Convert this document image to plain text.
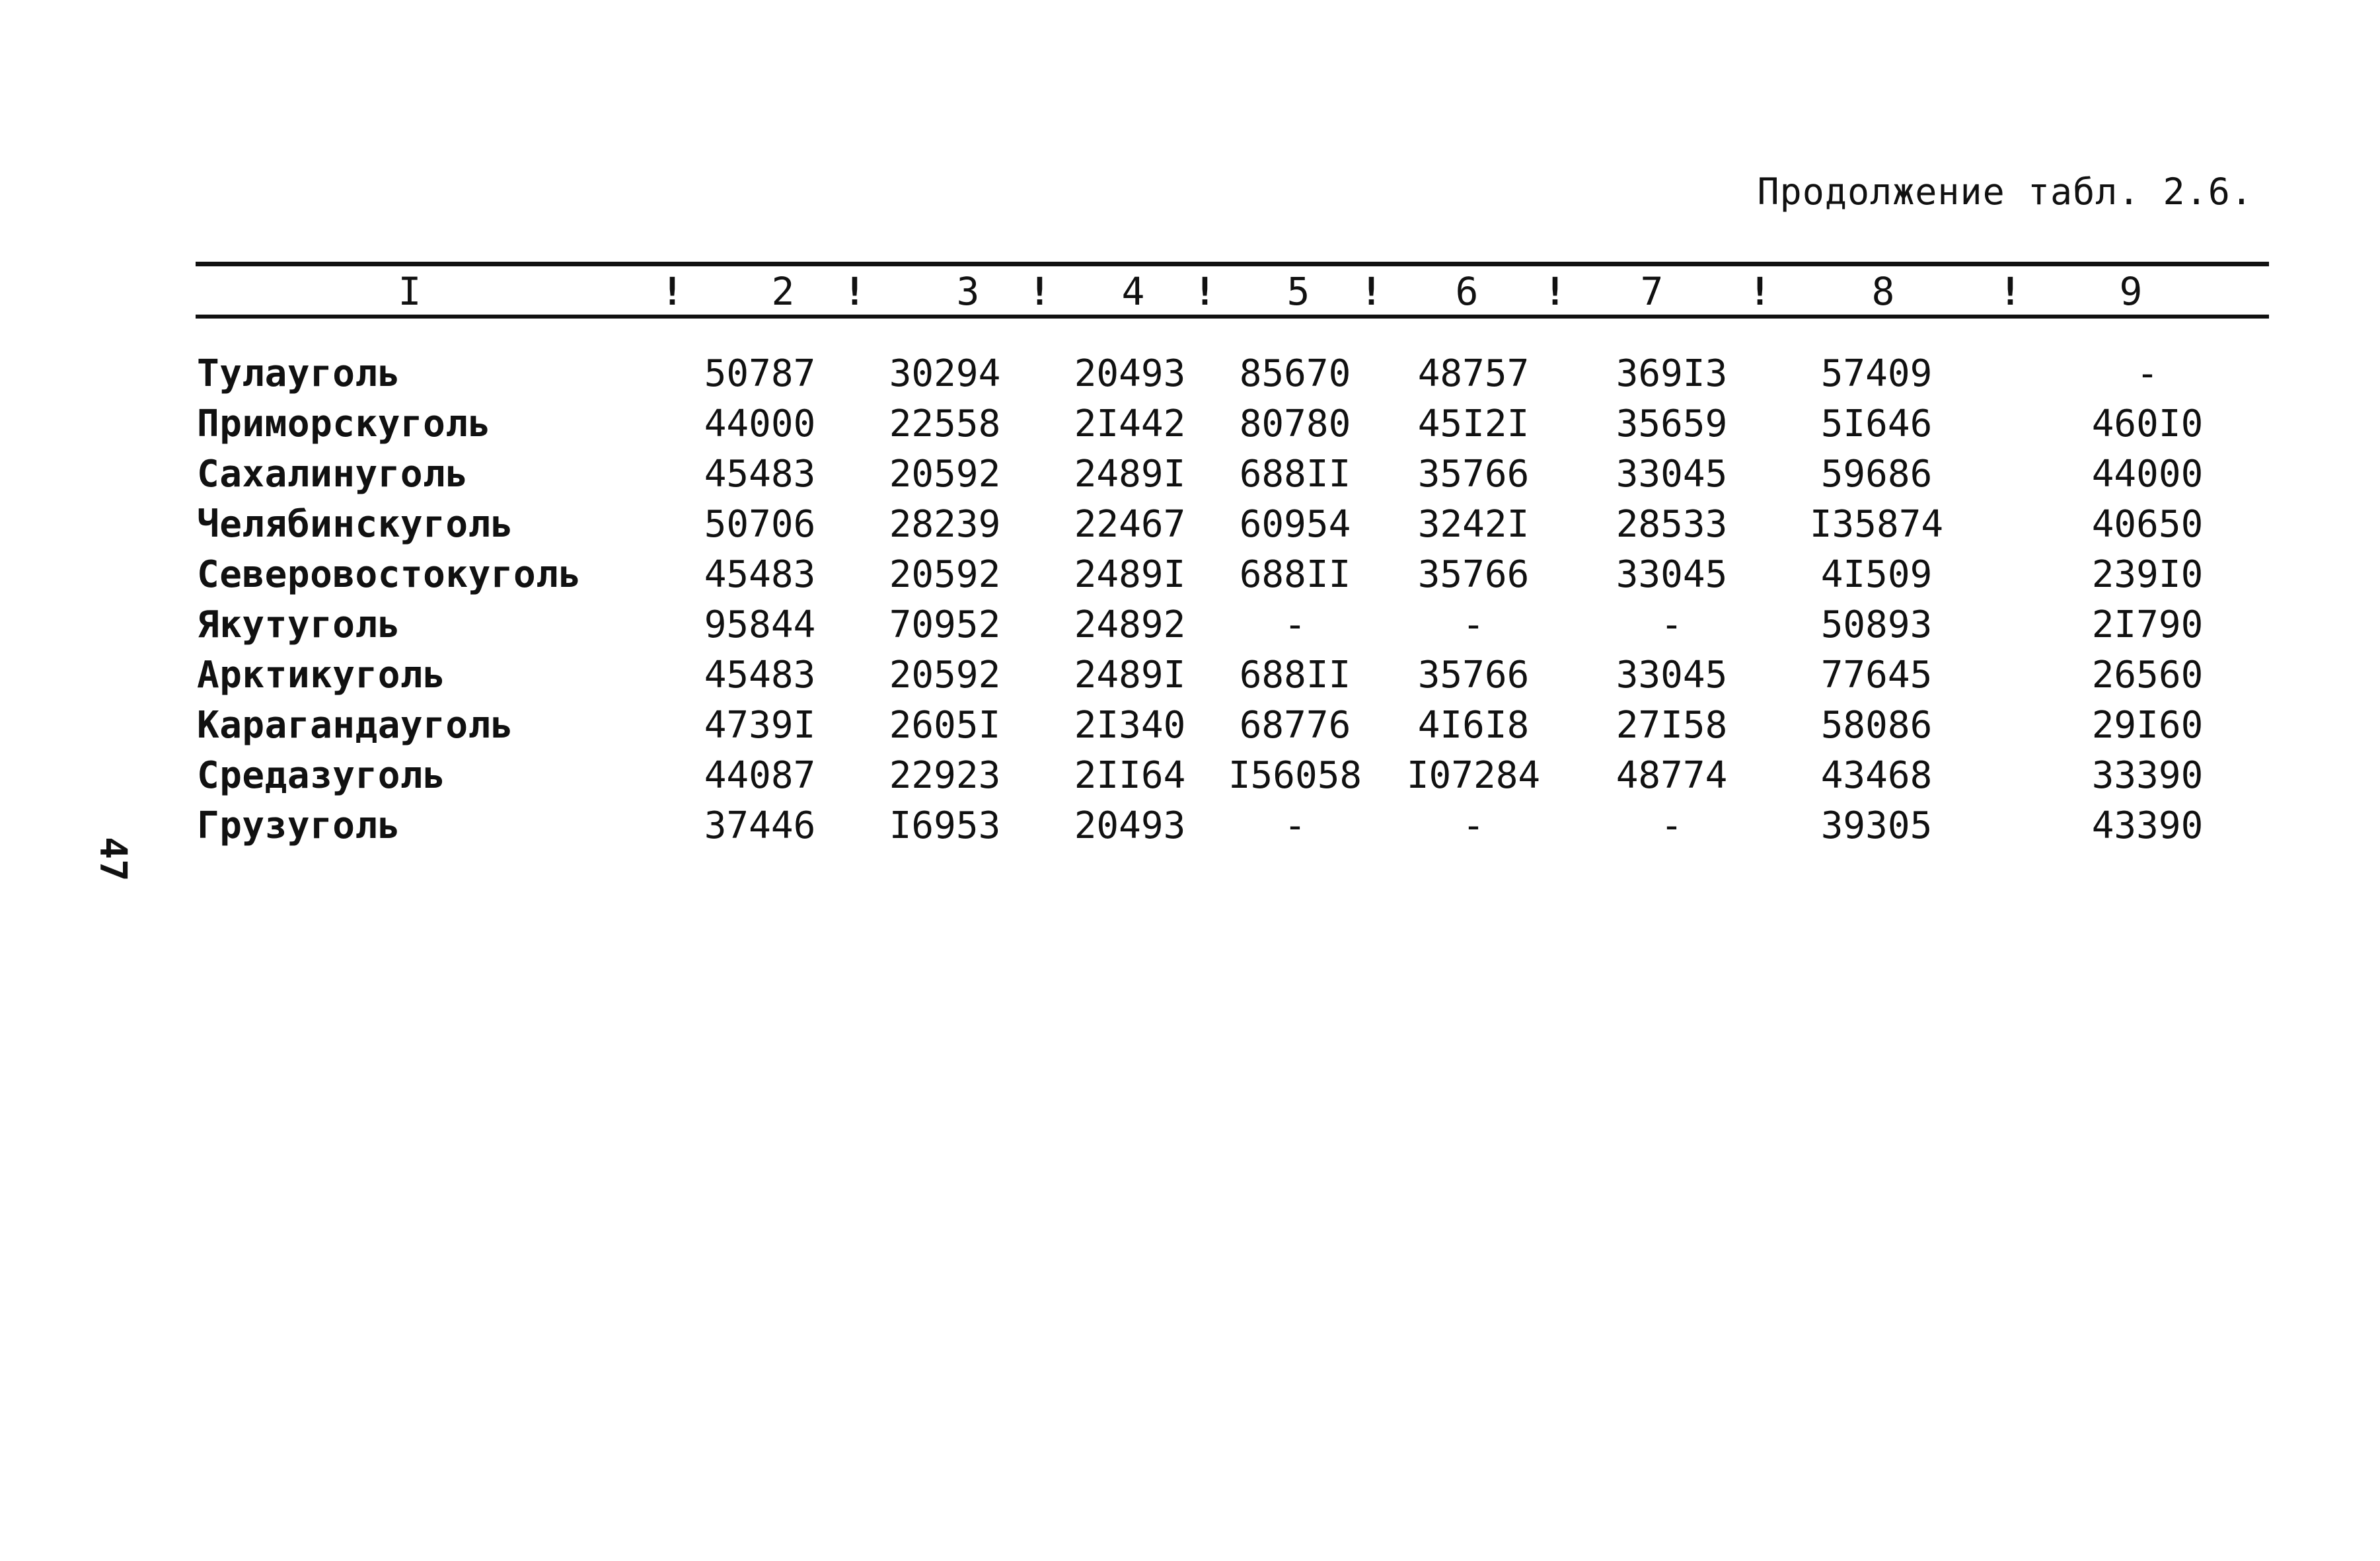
Продолжение табл. 2.6.
I	!	2	!	3	!	4	!	5	!	6	!	7	!	8	!	9
Тулауголь	50787	30294	20493	85670	48757	369I3	57409	-
Приморскуголь	44000	22558	2I442	80780	45I2I	35659	5I646	460I0
Сахалинуголь	45483	20592	2489I	688II	35766	33045	59686	44000
Челябинскуголь	50706	28239	22467	60954	3242I	28533	I35874	40650
Северовостокуголь	45483	20592	2489I	688II	35766	33045	4I509	239I0
Якутуголь	95844	70952	24892	-	-	-	50893	2I790
Арктикуголь	45483	20592	2489I	688II	35766	33045	77645	26560
Карагандауголь	4739I	2605I	2I340	68776	4I6I8	27I58	58086	29I60
Средазуголь	44087	22923	2II64	I56058	I07284	48774	43468	33390
Грузуголь	37446	I6953	20493	-	-	-	39305	43390
47
